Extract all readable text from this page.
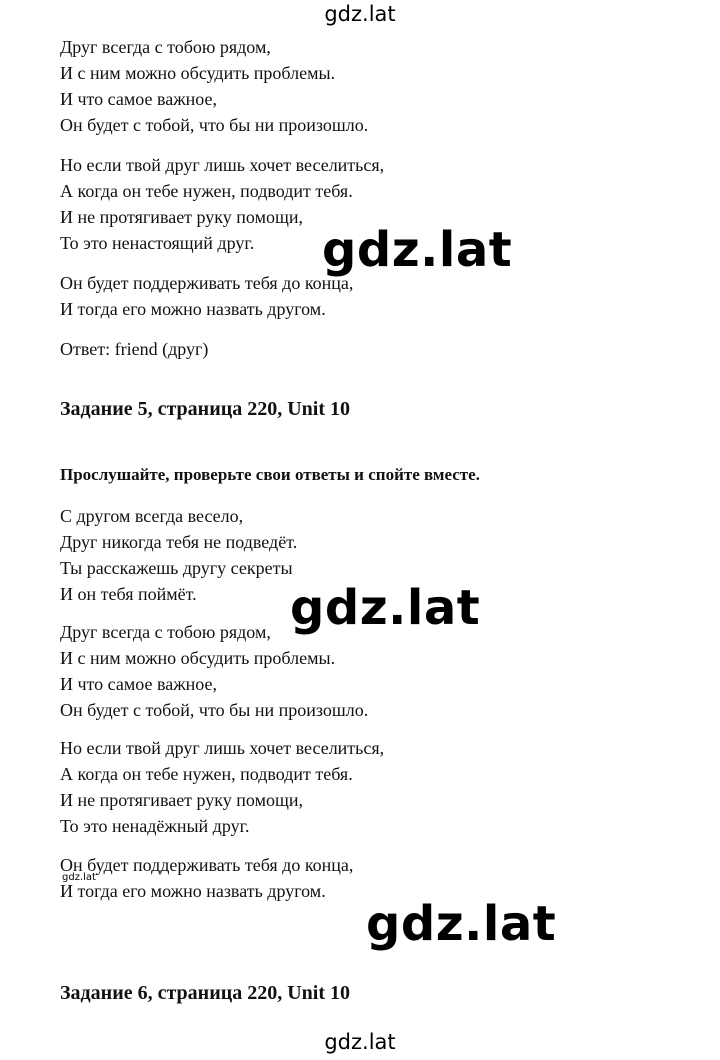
gdz.lat
Друг всегда с тобою рядом,
И с ним можно обсудить проблемы.
И что самое важное,
Он будет с тобой, что бы ни произошло.
Но если твой друг лишь хочет веселиться,
А когда он тебе нужен, подводит тебя.
И не протягивает руку помощи,
То это ненастоящий друг.
Он будет поддерживать тебя до конца,
И тогда его можно назвать другом.
Ответ: friend (друг)
Задание 5, страница 220, Unit 10
Прослушайте, проверьте свои ответы и спойте вместе.
С другом всегда весело,
Друг никогда тебя не подведёт.
Ты расскажешь другу секреты
И он тебя поймёт.
Друг всегда с тобою рядом,
И с ним можно обсудить проблемы.
И что самое важное,
Он будет с тобой, что бы ни произошло.
Но если твой друг лишь хочет веселиться,
А когда он тебе нужен, подводит тебя.
И не протягивает руку помощи,
То это ненадёжный друг.
Он будет поддерживать тебя до конца,
И тогда его можно назвать другом.
Задание 6, страница 220, Unit 10
gdz.lat
gdz.lat
gdz.lat
gdz.lat
gdz.lat
